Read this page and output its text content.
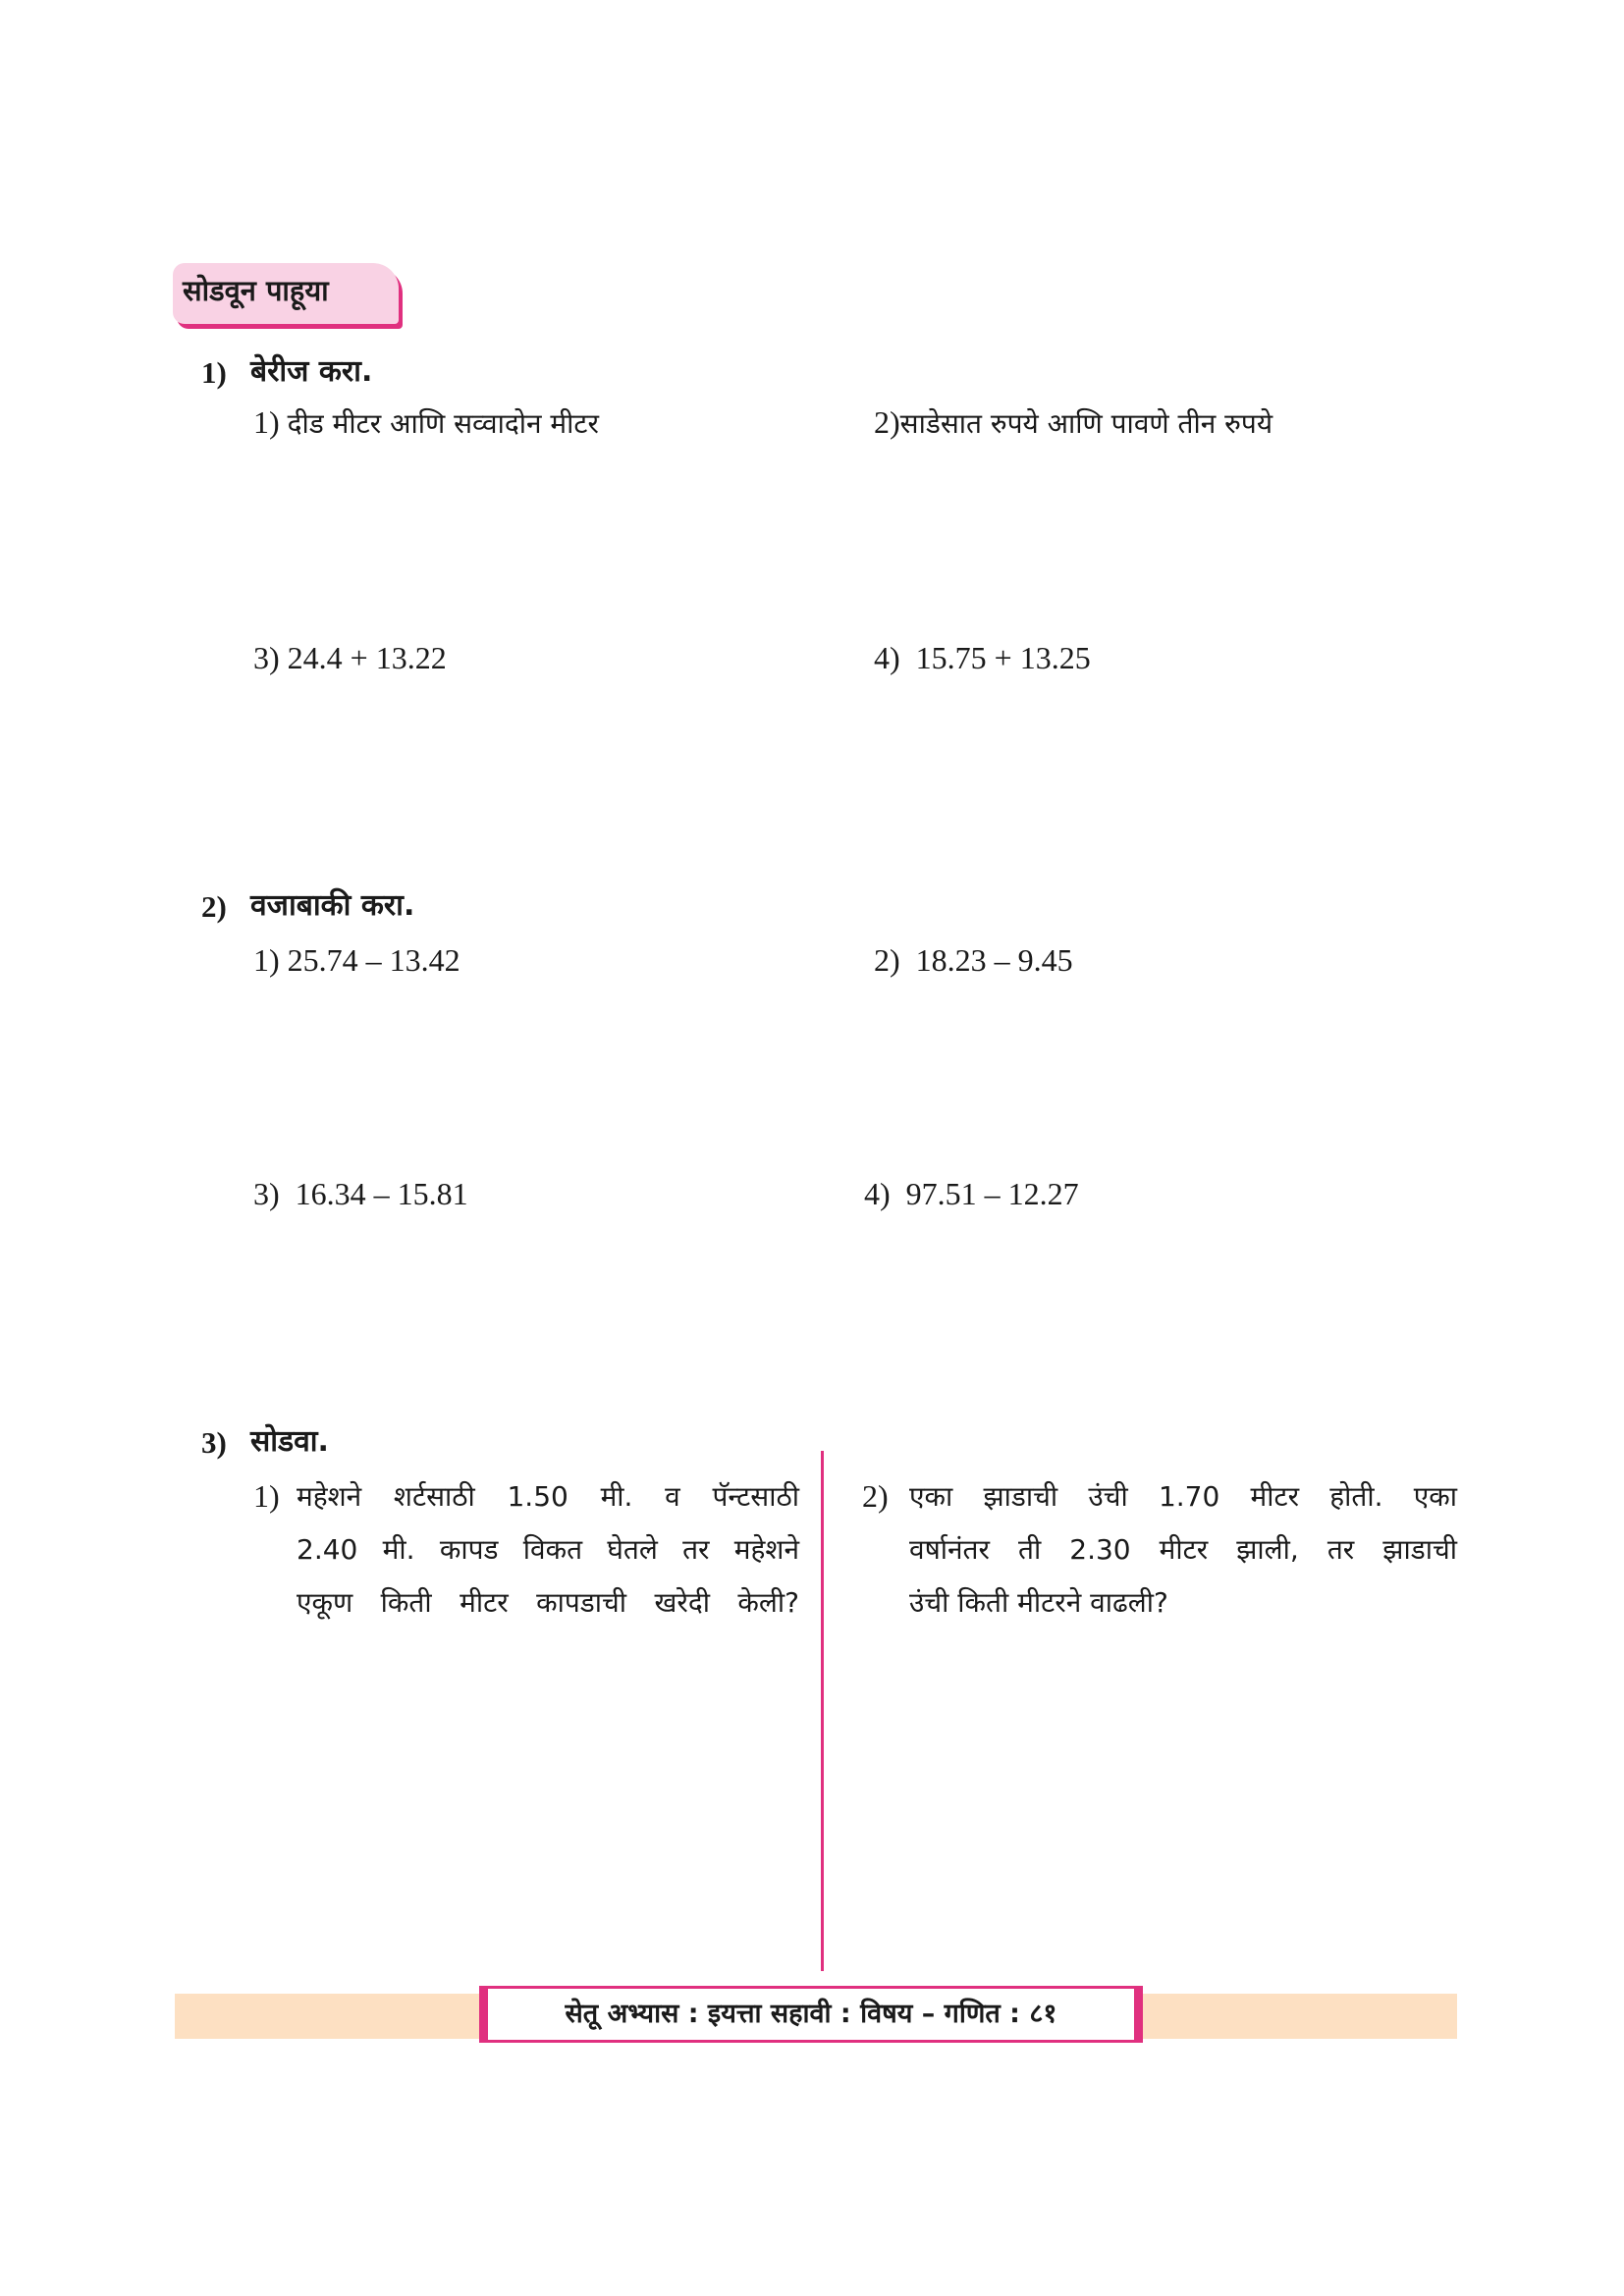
सोडवून पाहूया
1) बेरीज करा.
1) दीड मीटर आणि सव्वादोन मीटर	2)साडेसात रुपये आणि पावणे तीन रुपये
3) 24.4 + 13.22	4) 15.75 + 13.25
2) वजाबाकी करा.
1) 25.74 – 13.42	2) 18.23 – 9.45
3) 16.34 – 15.81	4) 97.51 – 12.27
3) सोडवा.
1) महेशने शर्टसाठी 1.50 मी. व पॅन्टसाठी
2.40 मी. कापड विकत घेतले तर महेशने
एकूण किती मीटर कापडाची खरेदी केली?
2) एका झाडाची उंची 1.70 मीटर होती. एका
वर्षानंतर ती 2.30 मीटर झाली, तर झाडाची
उंची किती मीटरने वाढली?
सेतू अभ्यास : इयत्ता सहावी : विषय – गणित : ८१
